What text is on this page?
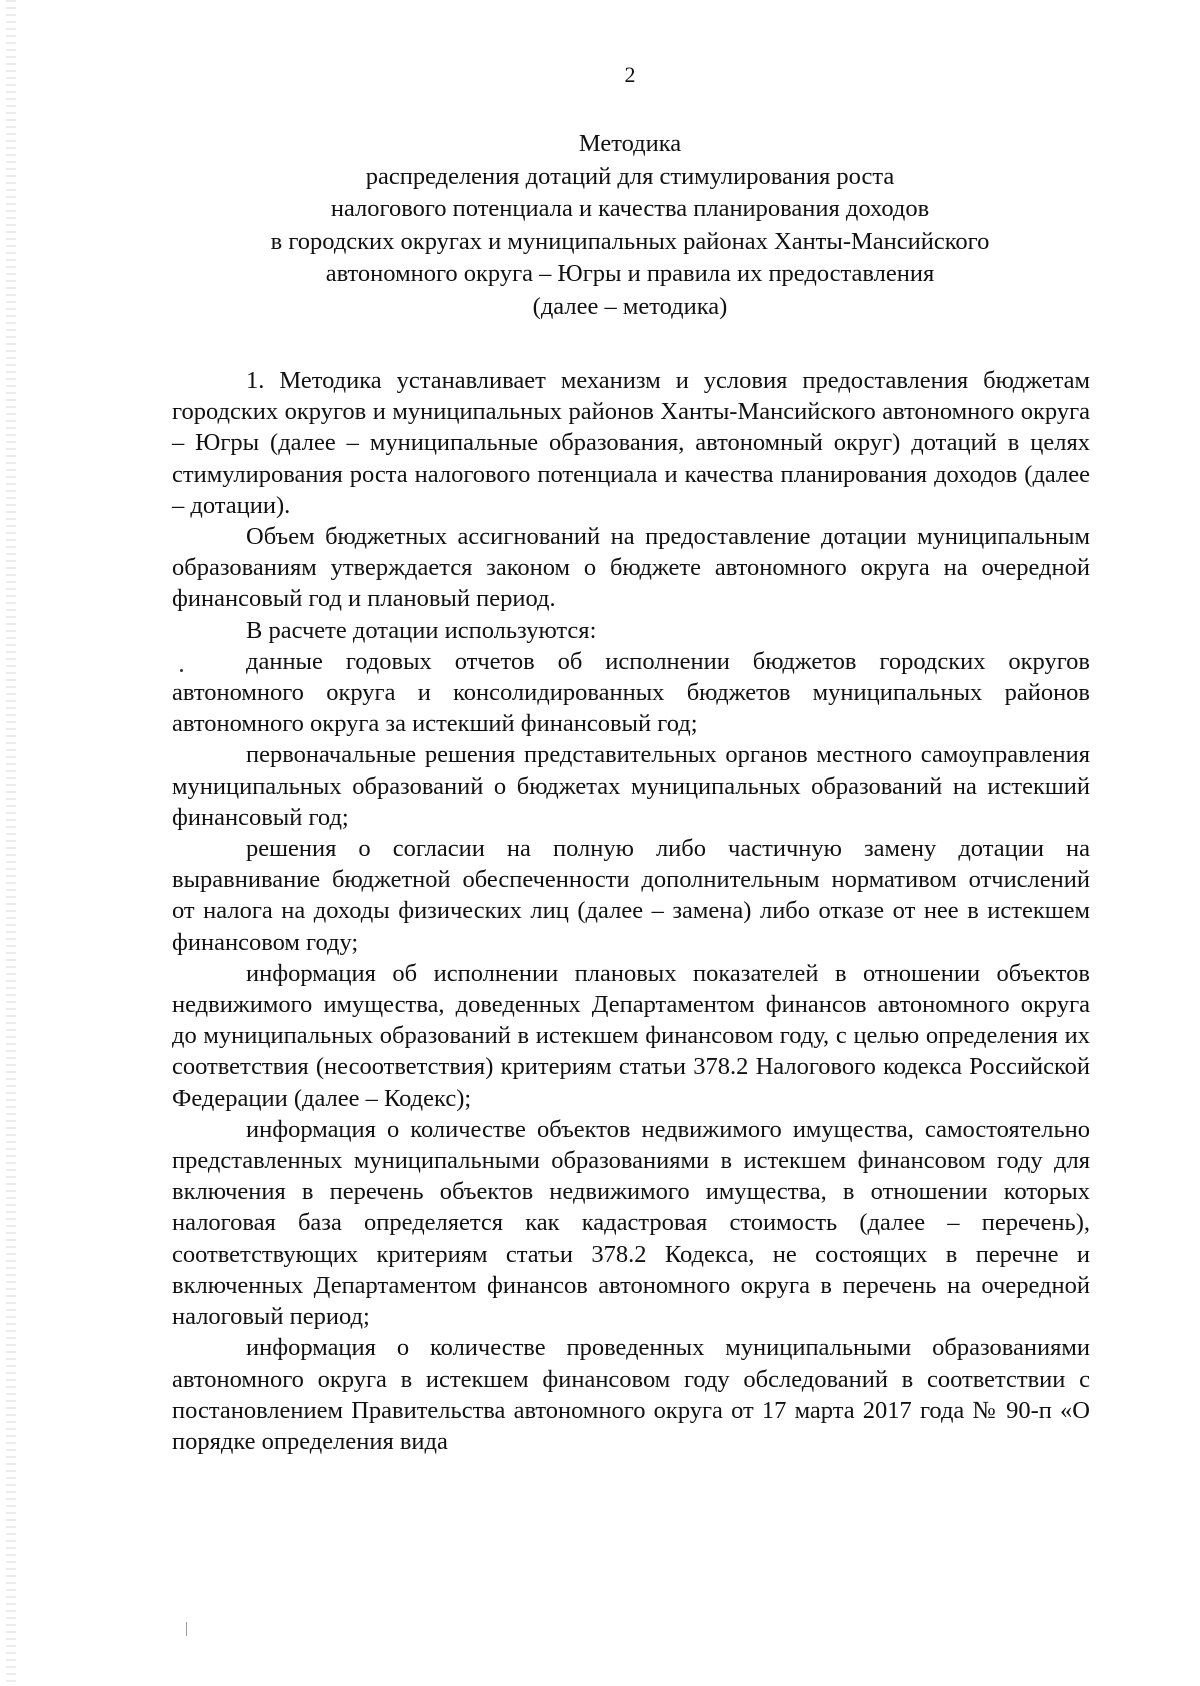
2
Методика
распределения дотаций для стимулирования роста
налогового потенциала и качества планирования доходов
в городских округах и муниципальных районах Ханты-Мансийского
автономного округа – Югры и правила их предоставления
(далее – методика)

1. Методика устанавливает механизм и условия предоставления бюджетам городских округов и муниципальных районов Ханты-Мансийского автономного округа – Югры (далее – муниципальные образования, автономный округ) дотаций в целях стимулирования роста налогового потенциала и качества планирования доходов (далее – дотации).

Объем бюджетных ассигнований на предоставление дотации муниципальным образованиям утверждается законом о бюджете автономного округа на очередной финансовый год и плановый период.

В расчете дотации используются:

данные годовых отчетов об исполнении бюджетов городских округов автономного округа и консолидированных бюджетов муниципальных районов автономного округа за истекший финансовый год;

первоначальные решения представительных органов местного самоуправления муниципальных образований о бюджетах муниципальных образований на истекший финансовый год;

решения о согласии на полную либо частичную замену дотации на выравнивание бюджетной обеспеченности дополнительным нормативом отчислений от налога на доходы физических лиц (далее – замена) либо отказе от нее в истекшем финансовом году;

информация об исполнении плановых показателей в отношении объектов недвижимого имущества, доведенных Департаментом финансов автономного округа до муниципальных образований в истекшем финансовом году, с целью определения их соответствия (несоответствия) критериям статьи 378.2 Налогового кодекса Российской Федерации (далее – Кодекс);

информация о количестве объектов недвижимого имущества, самостоятельно представленных муниципальными образованиями в истекшем финансовом году для включения в перечень объектов недвижимого имущества, в отношении которых налоговая база определяется как кадастровая стоимость (далее – перечень), соответствующих критериям статьи 378.2 Кодекса, не состоящих в перечне и включенных Департаментом финансов автономного округа в перечень на очередной налоговый период;

информация о количестве проведенных муниципальными образованиями автономного округа в истекшем финансовом году обследований в соответствии с постановлением Правительства автономного округа от 17 марта 2017 года № 90-п «О порядке определения вида
